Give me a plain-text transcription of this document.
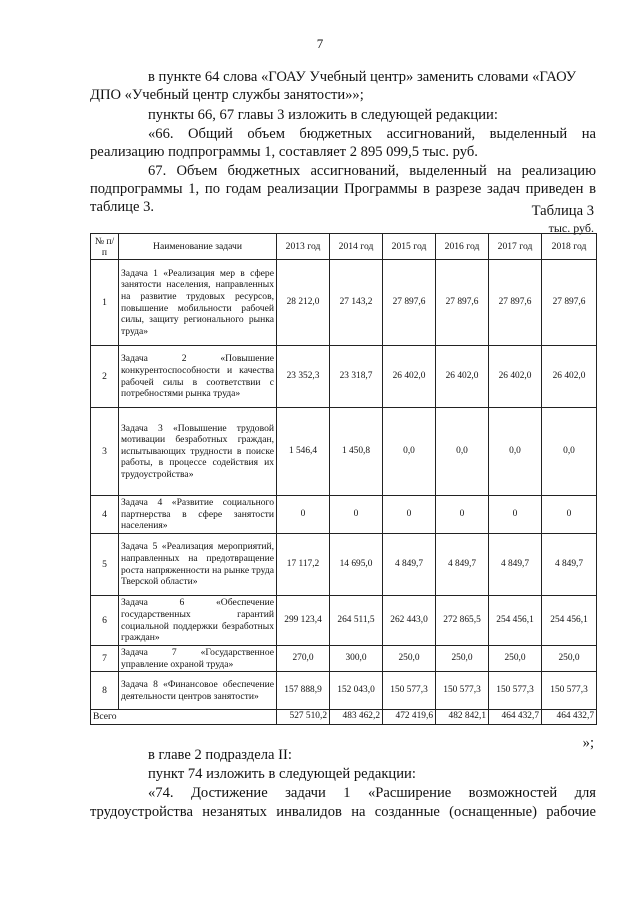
7
в пункте 64 слова «ГОАУ Учебный центр» заменить словами «ГАОУ
ДПО «Учебный центр службы занятости»»;
пункты 66, 67 главы 3 изложить в следующей редакции:
«66. Общий объем бюджетных ассигнований, выделенный на
реализацию подпрограммы 1, составляет 2 895 099,5 тыс. руб.
67. Объем бюджетных ассигнований, выделенный на реализацию
подпрограммы 1, по годам реализации Программы в разрезе задач приведен в
таблице 3.	Таблица 3
тыс. руб.
№ п/п	Наименование задачи	2013 год	2014 год	2015 год	2016 год	2017 год	2018 год
1	Задача 1 «Реализация мер в сфере занятости населения, направленных на развитие трудовых ресурсов, повышение мобильности рабочей силы, защиту регионального рынка труда»	28 212,0	27 143,2	27 897,6	27 897,6	27 897,6	27 897,6
2	Задача 2 «Повышение конкурентоспособности и качества рабочей силы в соответствии с потребностями рынка труда»	23 352,3	23 318,7	26 402,0	26 402,0	26 402,0	26 402,0
3	Задача 3 «Повышение трудовой мотивации безработных граждан, испытывающих трудности в поиске работы, в процессе содействия их трудоустройства»	1 546,4	1 450,8	0,0	0,0	0,0	0,0
4	Задача 4 «Развитие социального партнерства в сфере занятости населения»	0	0	0	0	0	0
5	Задача 5 «Реализация мероприятий, направленных на предотвращение роста напряженности на рынке труда Тверской области»	17 117,2	14 695,0	4 849,7	4 849,7	4 849,7	4 849,7
6	Задача 6 «Обеспечение государственных гарантий социальной поддержки безработных граждан»	299 123,4	264 511,5	262 443,0	272 865,5	254 456,1	254 456,1
7	Задача 7 «Государственное управление охраной труда»	270,0	300,0	250,0	250,0	250,0	250,0
8	Задача 8 «Финансовое обеспечение деятельности центров занятости»	157 888,9	152 043,0	150 577,3	150 577,3	150 577,3	150 577,3
Всего		527 510,2	483 462,2	472 419,6	482 842,1	464 432,7	464 432,7
»;
в главе 2 подраздела II:
пункт 74 изложить в следующей редакции:
«74. Достижение задачи 1 «Расширение возможностей для
трудоустройства незанятых инвалидов на созданные (оснащенные) рабочие
